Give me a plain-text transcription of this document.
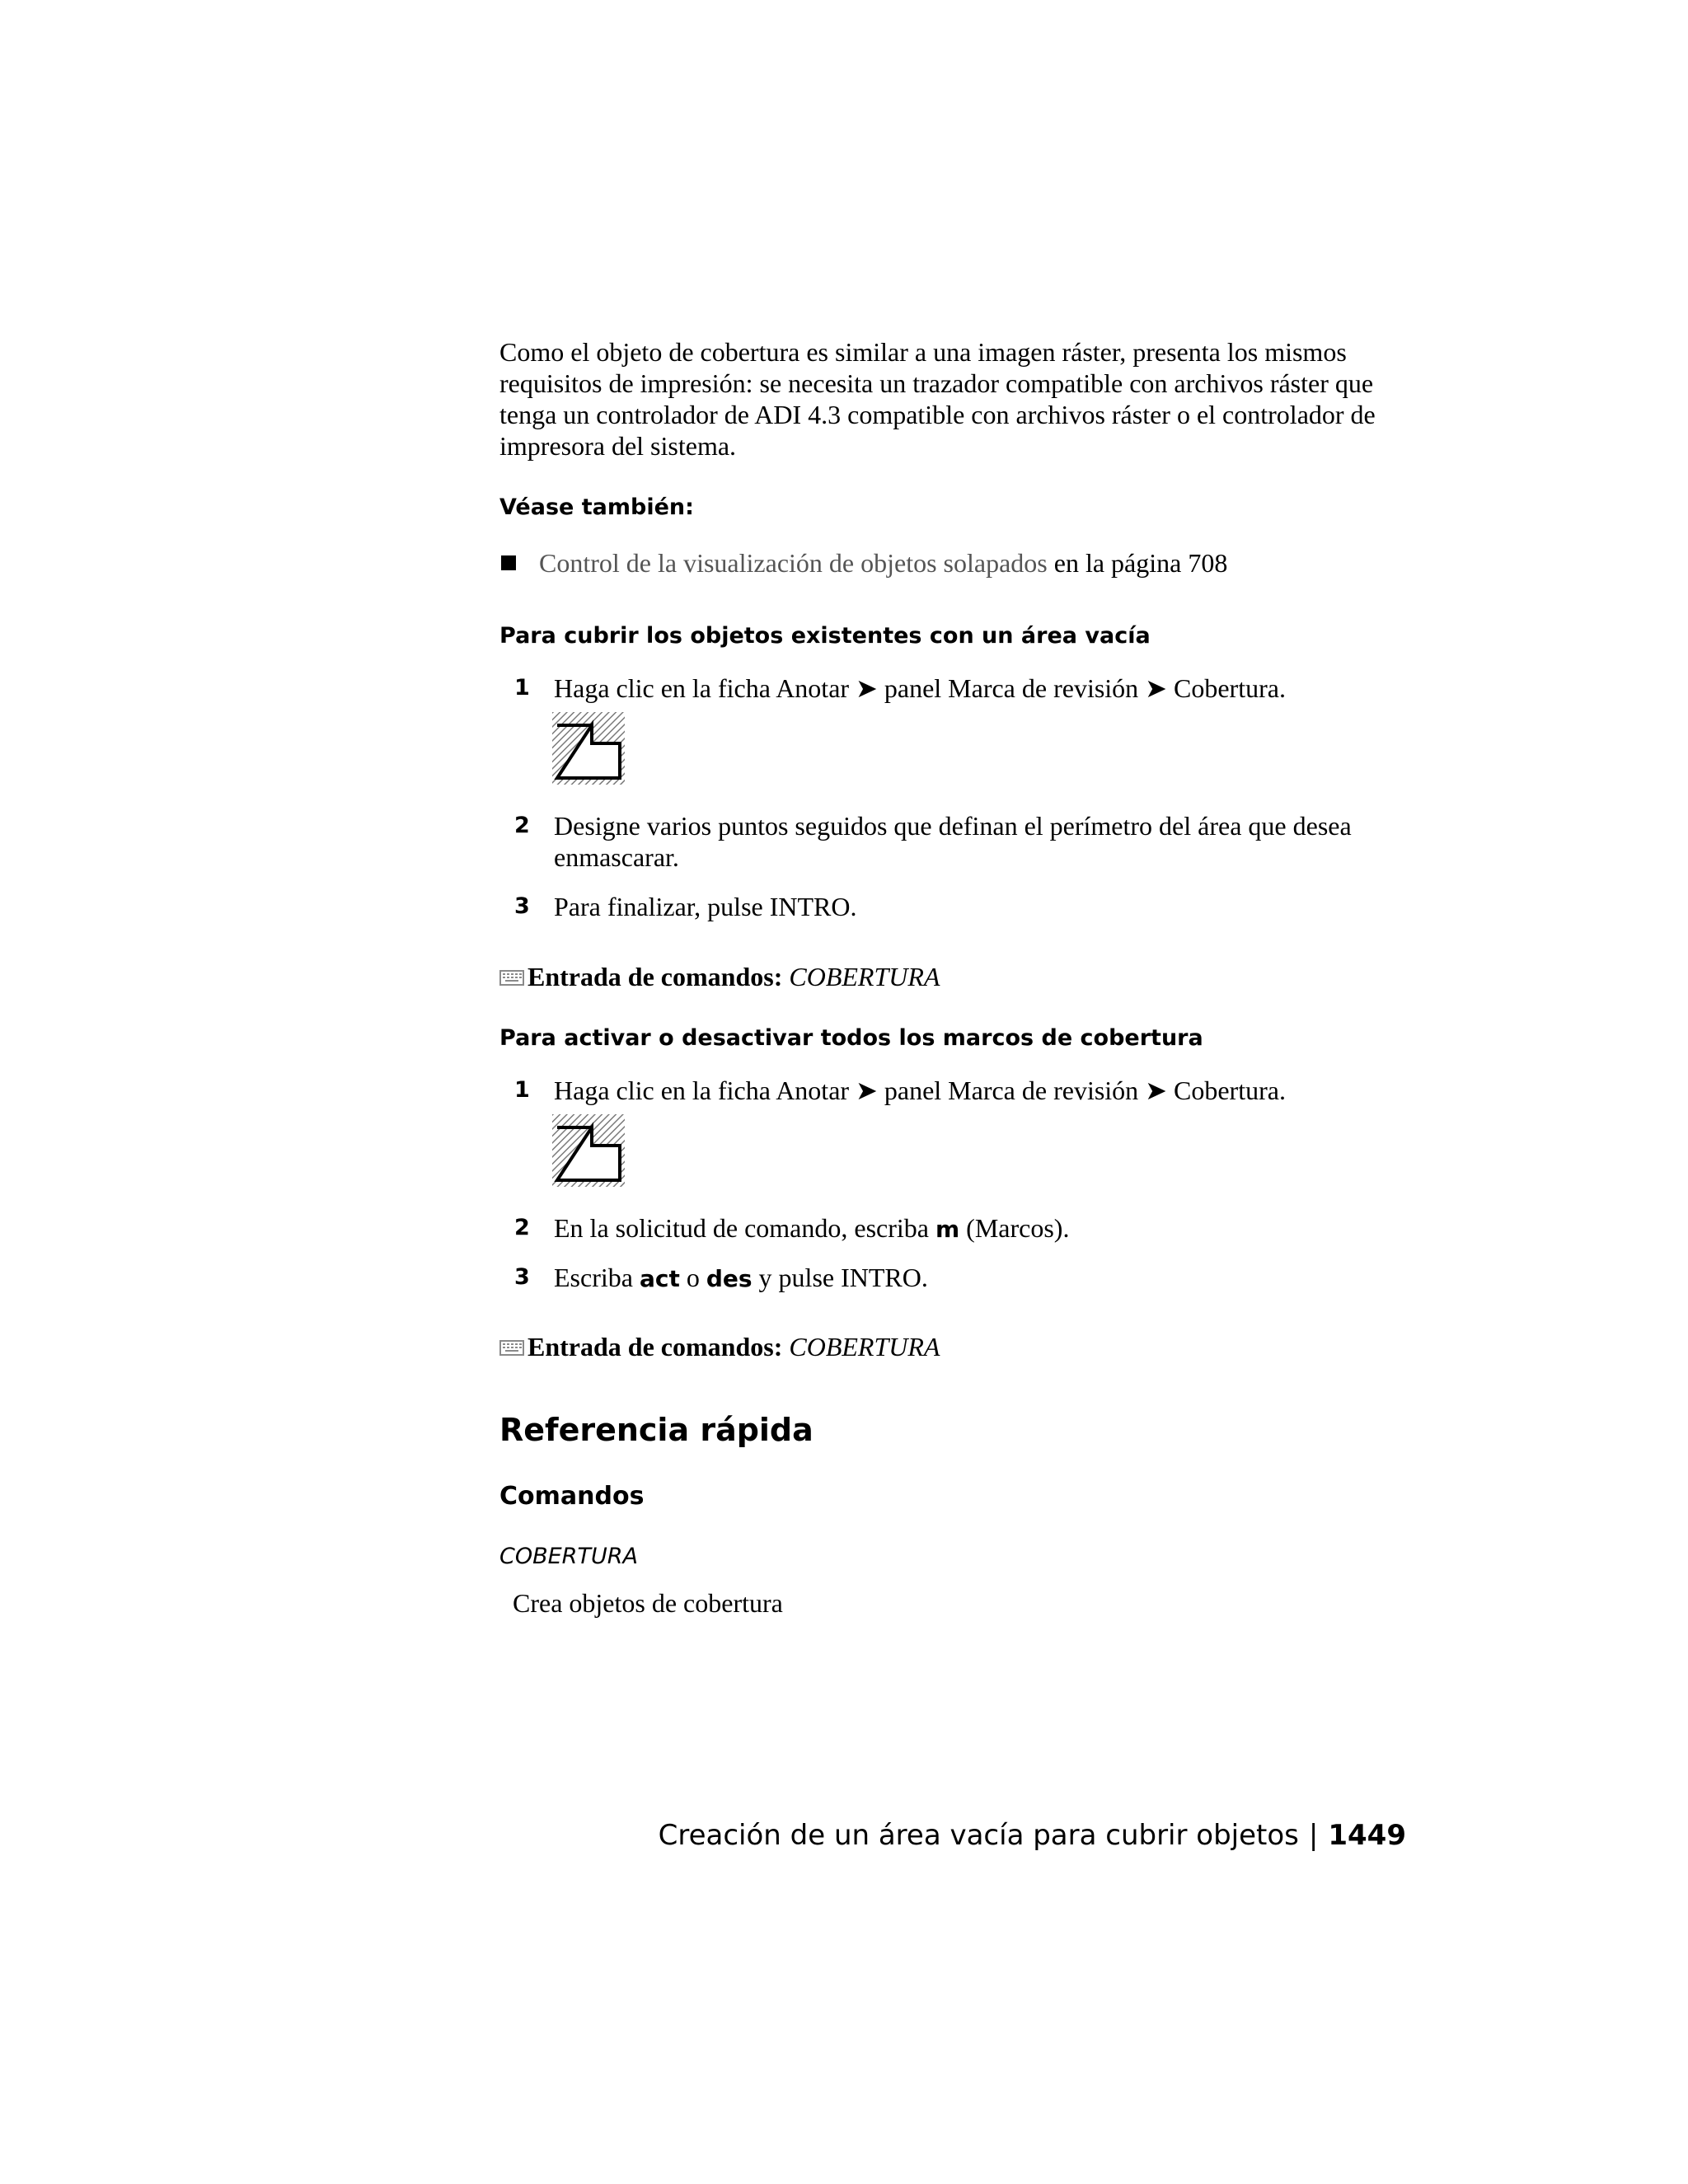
Como el objeto de cobertura es similar a una imagen ráster, presenta los mismos requisitos de impresión: se necesita un trazador compatible con archivos ráster que tenga un controlador de ADI 4.3 compatible con archivos ráster o el controlador de impresora del sistema.

Véase también:
Control de la visualización de objetos solapados en la página 708
Para cubrir los objetos existentes con un área vacía
1 Haga clic en la ficha Anotar ➤ panel Marca de revisión ➤ Cobertura.
2 Designe varios puntos seguidos que definan el perímetro del área que desea enmascarar.
3 Para finalizar, pulse INTRO.
Entrada de comandos: COBERTURA
Para activar o desactivar todos los marcos de cobertura
1 Haga clic en la ficha Anotar ➤ panel Marca de revisión ➤ Cobertura.
2 En la solicitud de comando, escriba m (Marcos).
3 Escriba act o des y pulse INTRO.
Entrada de comandos: COBERTURA
Referencia rápida
Comandos
COBERTURA
Crea objetos de cobertura
Creación de un área vacía para cubrir objetos | 1449
